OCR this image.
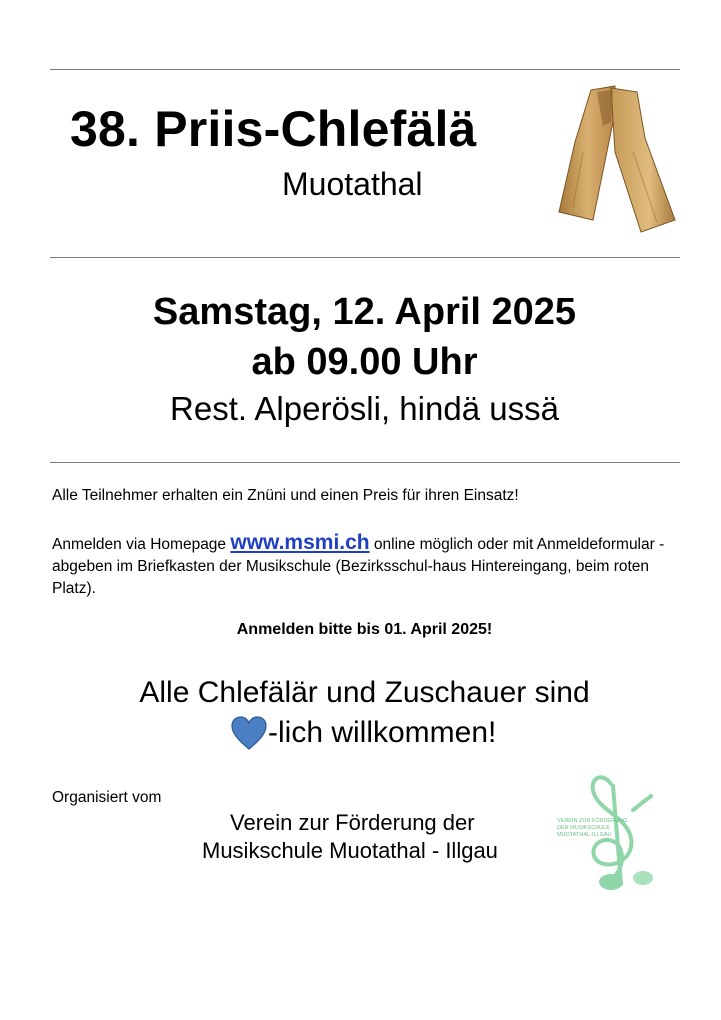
38. Priis-Chlefälä
Muotathal
Samstag, 12. April 2025
ab 09.00 Uhr
Rest. Alperösli, hindä ussä
Alle Teilnehmer erhalten ein Znüni und einen Preis für ihren Einsatz!
Anmelden via Homepage www.msmi.ch online möglich oder mit Anmeldeformular - abgeben im Briefkasten der Musikschule (Bezirksschul-haus Hintereingang, beim roten Platz).
Anmelden bitte bis 01. April 2025!
Alle Chlefälär und Zuschauer sind
-lich willkommen!
Organisiert vom
Verein zur Förderung der
Musikschule Muotathal - Illgau
VEREIN ZUR FÖRDERUNG
DER MUSIKSCHULE
MUOTATHAL-ILLGAU
